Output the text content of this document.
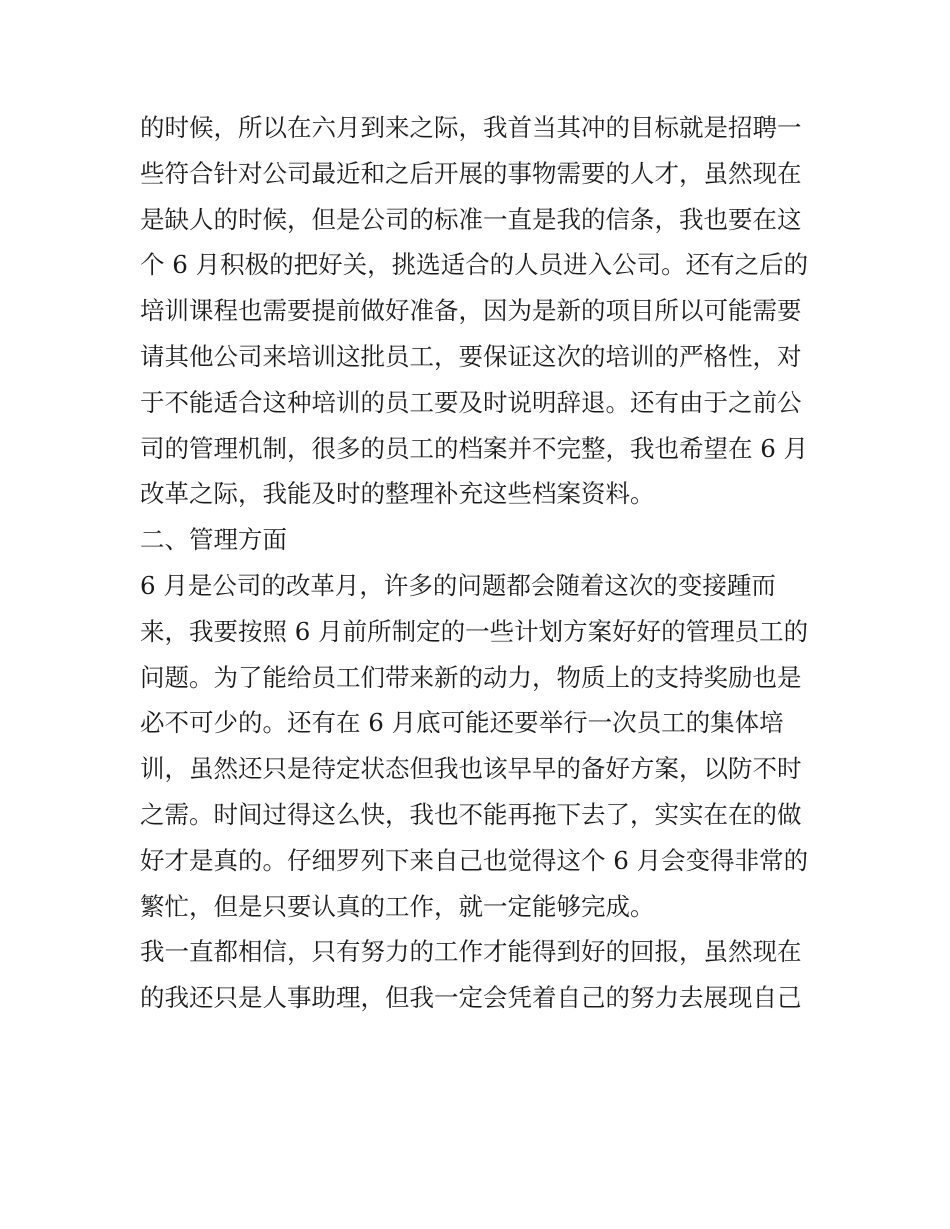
的时候，所以在六月到来之际，我首当其冲的目标就是招聘一
些符合针对公司最近和之后开展的事物需要的人才，虽然现在
是缺人的时候，但是公司的标准一直是我的信条，我也要在这
个 6 月积极的把好关，挑选适合的人员进入公司。还有之后的
培训课程也需要提前做好准备，因为是新的项目所以可能需要
请其他公司来培训这批员工，要保证这次的培训的严格性，对
于不能适合这种培训的员工要及时说明辞退。还有由于之前公
司的管理机制，很多的员工的档案并不完整，我也希望在 6 月
改革之际，我能及时的整理补充这些档案资料。
二、管理方面
6 月是公司的改革月，许多的问题都会随着这次的变接踵而
来，我要按照 6 月前所制定的一些计划方案好好的管理员工的
问题。为了能给员工们带来新的动力，物质上的支持奖励也是
必不可少的。还有在 6 月底可能还要举行一次员工的集体培
训，虽然还只是待定状态但我也该早早的备好方案，以防不时
之需。时间过得这么快，我也不能再拖下去了，实实在在的做
好才是真的。仔细罗列下来自己也觉得这个 6 月会变得非常的
繁忙，但是只要认真的工作，就一定能够完成。
我一直都相信，只有努力的工作才能得到好的回报，虽然现在
的我还只是人事助理，但我一定会凭着自己的努力去展现自己
